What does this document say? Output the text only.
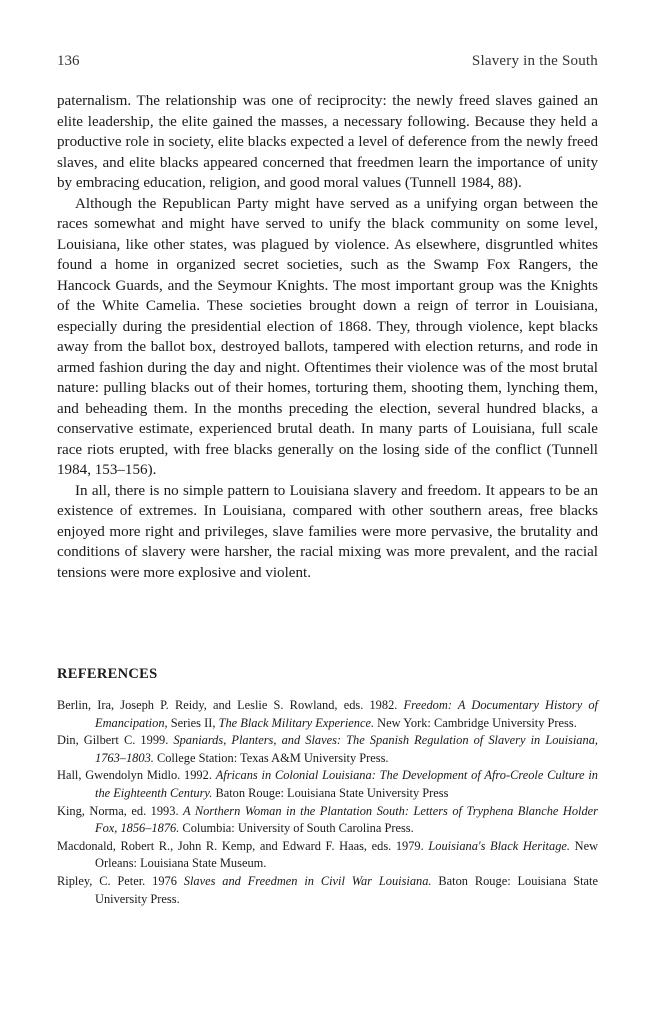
136	Slavery in the South

paternalism. The relationship was one of reciprocity: the newly freed slaves gained an elite leadership, the elite gained the masses, a necessary following. Because they held a productive role in society, elite blacks expected a level of deference from the newly freed slaves, and elite blacks appeared concerned that freedmen learn the importance of unity by embracing education, religion, and good moral values (Tunnell 1984, 88).

Although the Republican Party might have served as a unifying organ between the races somewhat and might have served to unify the black community on some level, Louisiana, like other states, was plagued by violence. As elsewhere, disgruntled whites found a home in organized secret societies, such as the Swamp Fox Rangers, the Hancock Guards, and the Seymour Knights. The most important group was the Knights of the White Camelia. These societies brought down a reign of terror in Louisiana, especially during the presidential election of 1868. They, through violence, kept blacks away from the ballot box, destroyed ballots, tampered with election returns, and rode in armed fashion during the day and night. Oftentimes their violence was of the most brutal nature: pulling blacks out of their homes, torturing them, shooting them, lynching them, and beheading them. In the months preceding the election, several hundred blacks, a conservative estimate, experienced brutal death. In many parts of Louisiana, full scale race riots erupted, with free blacks generally on the losing side of the conflict (Tunnell 1984, 153–156).

In all, there is no simple pattern to Louisiana slavery and freedom. It appears to be an existence of extremes. In Louisiana, compared with other southern areas, free blacks enjoyed more right and privileges, slave families were more pervasive, the brutality and conditions of slavery were harsher, the racial mixing was more prevalent, and the racial tensions were more explosive and violent.

REFERENCES
Berlin, Ira, Joseph P. Reidy, and Leslie S. Rowland, eds. 1982. Freedom: A Documentary History of Emancipation, Series II, The Black Military Experience. New York: Cambridge University Press.
Din, Gilbert C. 1999. Spaniards, Planters, and Slaves: The Spanish Regulation of Slavery in Louisiana, 1763–1803. College Station: Texas A&M University Press.
Hall, Gwendolyn Midlo. 1992. Africans in Colonial Louisiana: The Development of Afro-Creole Culture in the Eighteenth Century. Baton Rouge: Louisiana State University Press
King, Norma, ed. 1993. A Northern Woman in the Plantation South: Letters of Tryphena Blanche Holder Fox, 1856–1876. Columbia: University of South Carolina Press.
Macdonald, Robert R., John R. Kemp, and Edward F. Haas, eds. 1979. Louisiana's Black Heritage. New Orleans: Louisiana State Museum.
Ripley, C. Peter. 1976 Slaves and Freedmen in Civil War Louisiana. Baton Rouge: Louisiana State University Press.
